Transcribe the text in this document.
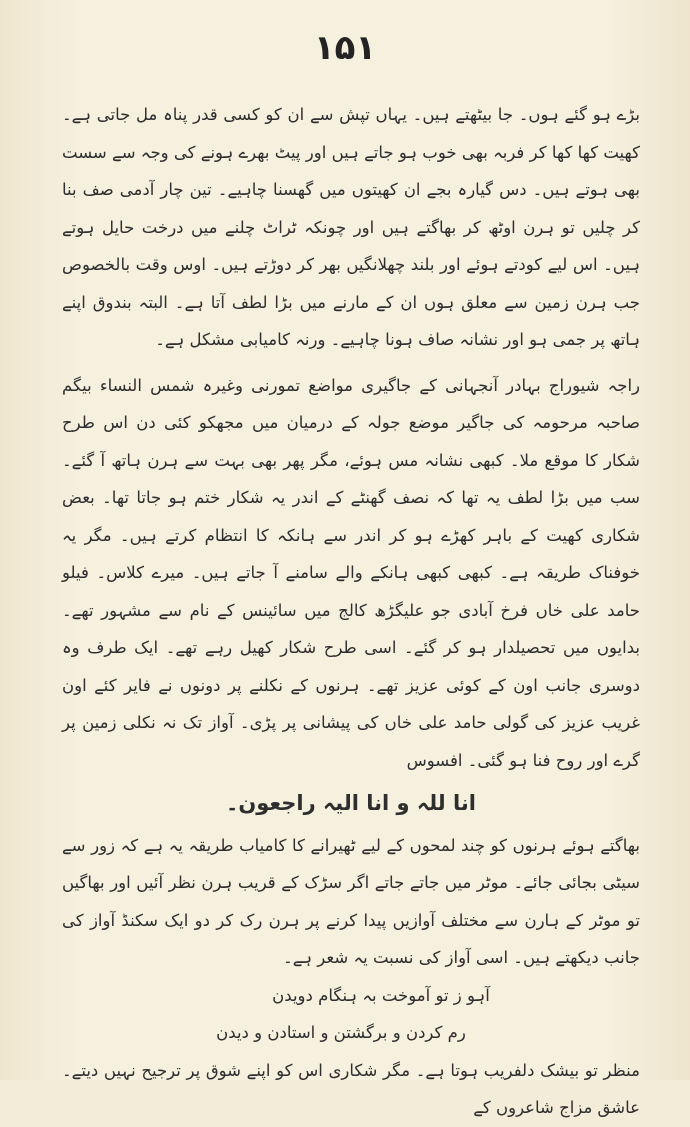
۱۵۱

بڑے ہو گئے ہوں۔ جا بیٹھتے ہیں۔ یہاں تپش سے ان کو کسی قدر پناہ مل جاتی ہے۔ کھیت کھا کھا کر فربہ بھی خوب ہو جاتے ہیں اور پیٹ بھرے ہونے کی وجہ سے سست بھی ہوتے ہیں۔ دس گیارہ بجے ان کھیتوں میں گھسنا چاہیے۔ تین چار آدمی صف بنا کر چلیں تو ہرن اوٹھ کر بھاگتے ہیں اور چونکہ ٹراٹ چلنے میں درخت حایل ہوتے ہیں۔ اس لیے کودتے ہوئے اور بلند چھلانگیں بھر کر دوڑتے ہیں۔ اوس وقت بالخصوص جب ہرن زمین سے معلق ہوں ان کے مارنے میں بڑا لطف آتا ہے۔ البتہ بندوق اپنے ہاتھ پر جمی ہو اور نشانہ صاف ہونا چاہیے۔ ورنہ کامیابی مشکل ہے۔

راجہ شیوراج بہادر آنجہانی کے جاگیری مواضع تمورنی وغیرہ شمس النساء بیگم صاحبہ مرحومہ کی جاگیر موضع جولہ کے درمیان میں مجھکو کئی دن اس طرح شکار کا موقع ملا۔ کبھی نشانہ مس ہوئے، مگر پھر بھی بہت سے ہرن ہاتھ آ گئے۔ سب میں بڑا لطف یہ تھا کہ نصف گھنٹے کے اندر یہ شکار ختم ہو جاتا تھا۔ بعض شکاری کھیت کے باہر کھڑے ہو کر اندر سے ہانکہ کا انتظام کرتے ہیں۔ مگر یہ خوفناک طریقہ ہے۔ کبھی کبھی ہانکے والے سامنے آ جاتے ہیں۔ میرے کلاس۔ فیلو حامد علی خاں فرخ آبادی جو علیگڑھ کالج میں سائینس کے نام سے مشہور تھے۔ بدایوں میں تحصیلدار ہو کر گئے۔ اسی طرح شکار کھیل رہے تھے۔ ایک طرف وہ دوسری جانب اون کے کوئی عزیز تھے۔ ہرنوں کے نکلنے پر دونوں نے فایر کئے اون غریب عزیز کی گولی حامد علی خاں کی پیشانی پر پڑی۔ آواز تک نہ نکلی زمین پر گرے اور روح فنا ہو گئی۔ افسوس

انا للہ و انا الیہ راجعون۔

بھاگتے ہوئے ہرنوں کو چند لمحوں کے لیے ٹھیرانے کا کامیاب طریقہ یہ ہے کہ زور سے سیٹی بجائی جائے۔ موٹر میں جاتے جاتے اگر سڑک کے قریب ہرن نظر آئیں اور بھاگیں تو موٹر کے ہارن سے مختلف آوازیں پیدا کرنے پر ہرن رک کر دو ایک سکنڈ آواز کی جانب دیکھتے ہیں۔ اسی آواز کی نسبت یہ شعر ہے۔

آہو ز تو آموخت بہ ہنگام دویدن

رم کردن و برگشتن و استادن و دیدن

منظر تو بیشک دلفریب ہوتا ہے۔ مگر شکاری اس کو اپنے شوق پر ترجیح نہیں دیتے۔ عاشق مزاج شاعروں کے
